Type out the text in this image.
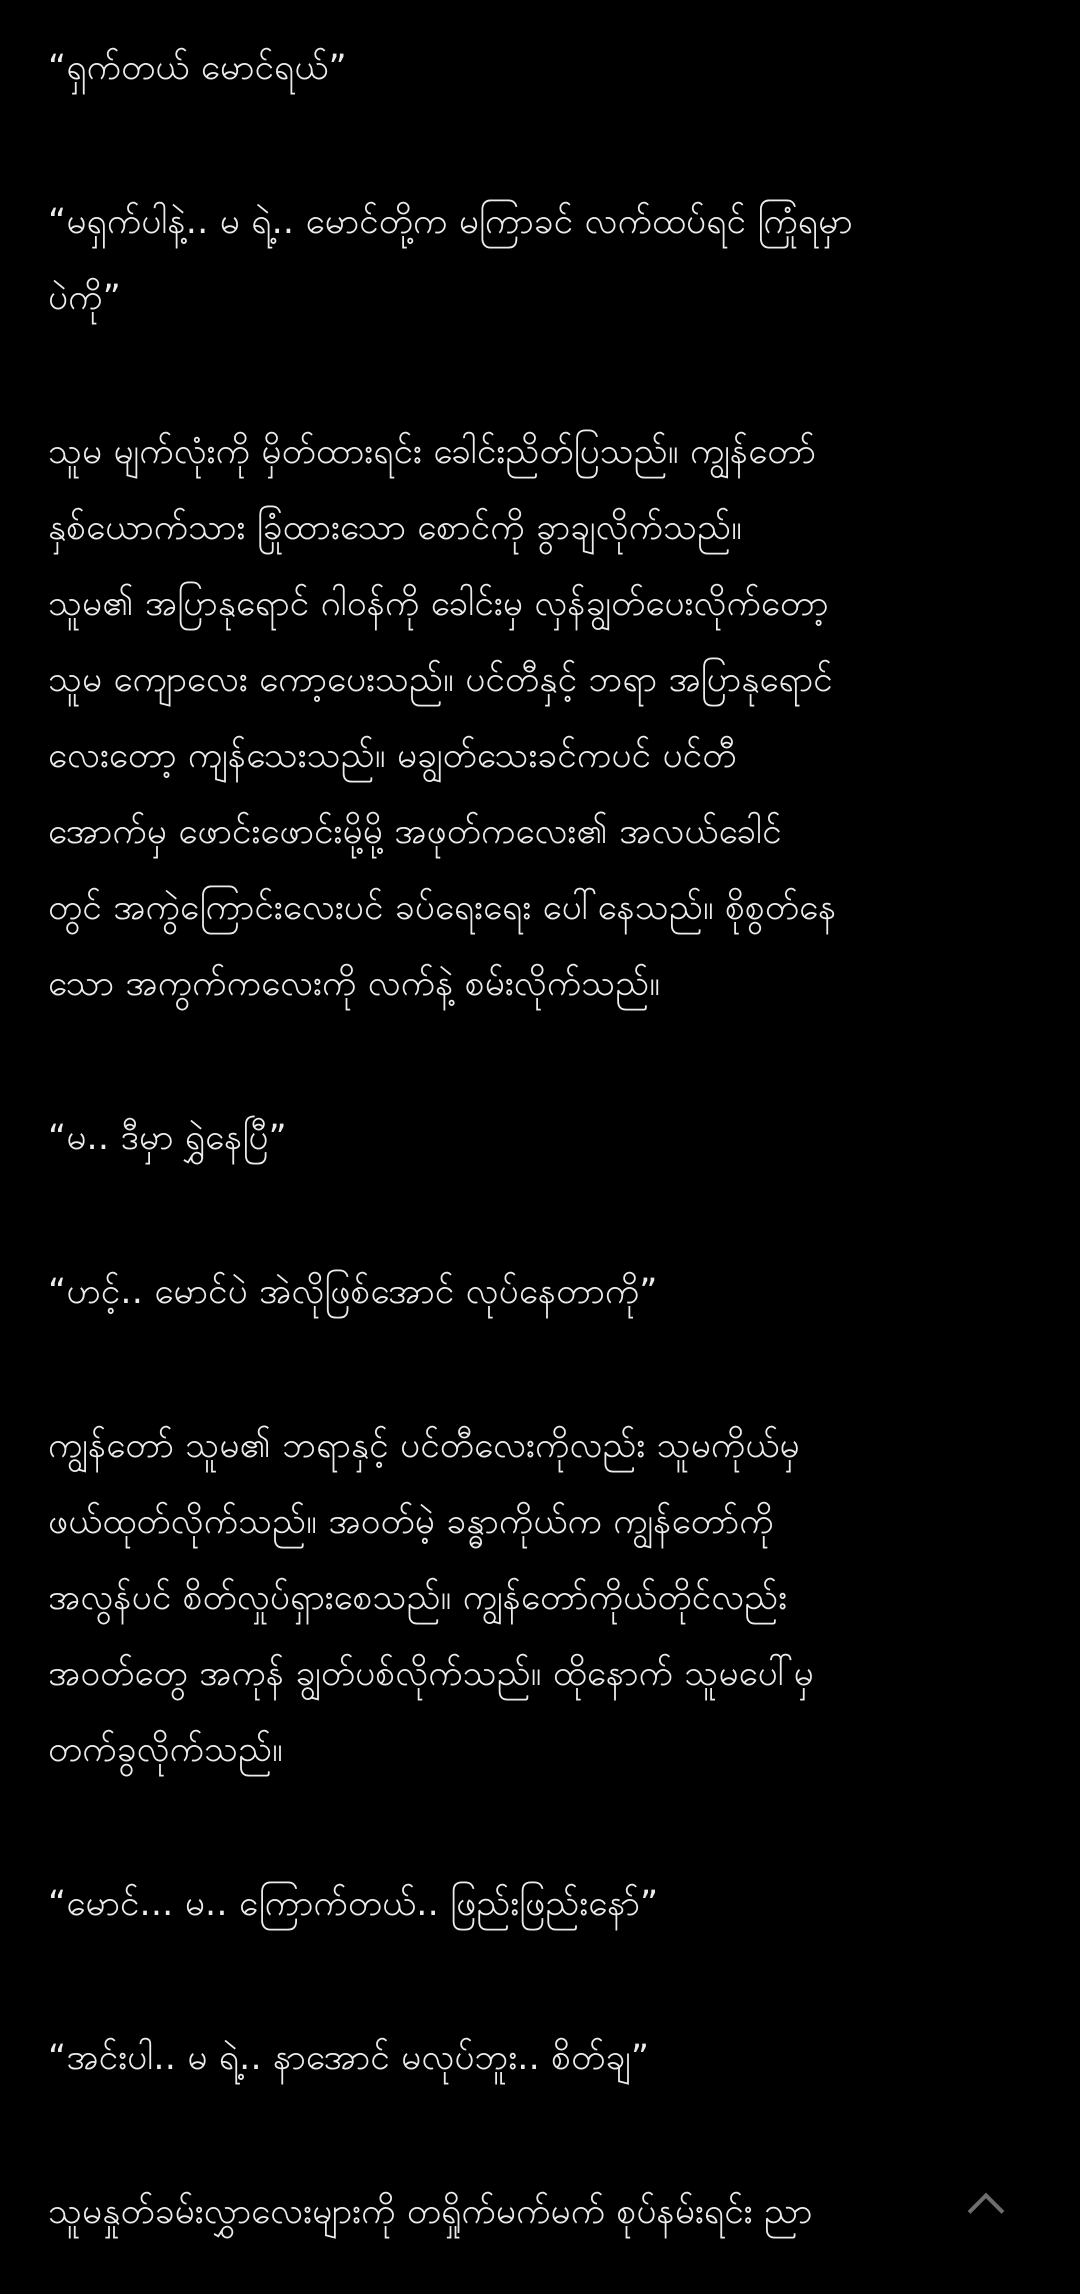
“ရှက်တယ် မောင်ရယ်”

“မရှက်ပါနဲ့.. မ ရဲ့.. မောင်တို့က မကြာခင် လက်ထပ်ရင် ကြုံရမှာ
ပဲကို”

သူမ မျက်လုံးကို မှိတ်ထားရင်း ခေါင်းညိတ်ပြသည်။ ကျွန်တော်
နှစ်ယောက်သား ခြုံထားသော စောင်ကို ခွာချလိုက်သည်။
သူမ၏ အပြာနုရောင် ဂါဝန်ကို ခေါင်းမှ လှန်ချွတ်ပေးလိုက်တော့
သူမ ကျောလေး ကော့ပေးသည်။ ပင်တီနှင့် ဘရာ အပြာနုရောင်
လေးတော့ ကျန်သေးသည်။ မချွတ်သေးခင်ကပင် ပင်တီ
အောက်မှ ဖောင်းဖောင်းမို့မို့ အဖုတ်ကလေး၏ အလယ်ခေါင်
တွင် အကွဲကြောင်းလေးပင် ခပ်ရေးရေး ပေါ်နေသည်။ စိုစွတ်နေ
သော အကွက်ကလေးကို လက်နဲ့ စမ်းလိုက်သည်။

“မ.. ဒီမှာ ရွှဲနေပြီ”

“ဟင့်.. မောင်ပဲ အဲလိုဖြစ်အောင် လုပ်နေတာကို”

ကျွန်တော် သူမ၏ ဘရာနှင့် ပင်တီလေးကိုလည်း သူမကိုယ်မှ
ဖယ်ထုတ်လိုက်သည်။ အဝတ်မဲ့ ခန္ဓာကိုယ်က ကျွန်တော်ကို
အလွန်ပင် စိတ်လှုပ်ရှားစေသည်။ ကျွန်တော်ကိုယ်တိုင်လည်း
အဝတ်တွေ အကုန် ချွတ်ပစ်လိုက်သည်။ ထိုနောက် သူမပေါ်မှ
တက်ခွလိုက်သည်။

“မောင်... မ.. ကြောက်တယ်.. ဖြည်းဖြည်းနော်”

“အင်းပါ.. မ ရဲ့.. နာအောင် မလုပ်ဘူး.. စိတ်ချ”

သူမနှုတ်ခမ်းလွှာလေးများကို တရှိုက်မက်မက် စုပ်နမ်းရင်း ညာ
